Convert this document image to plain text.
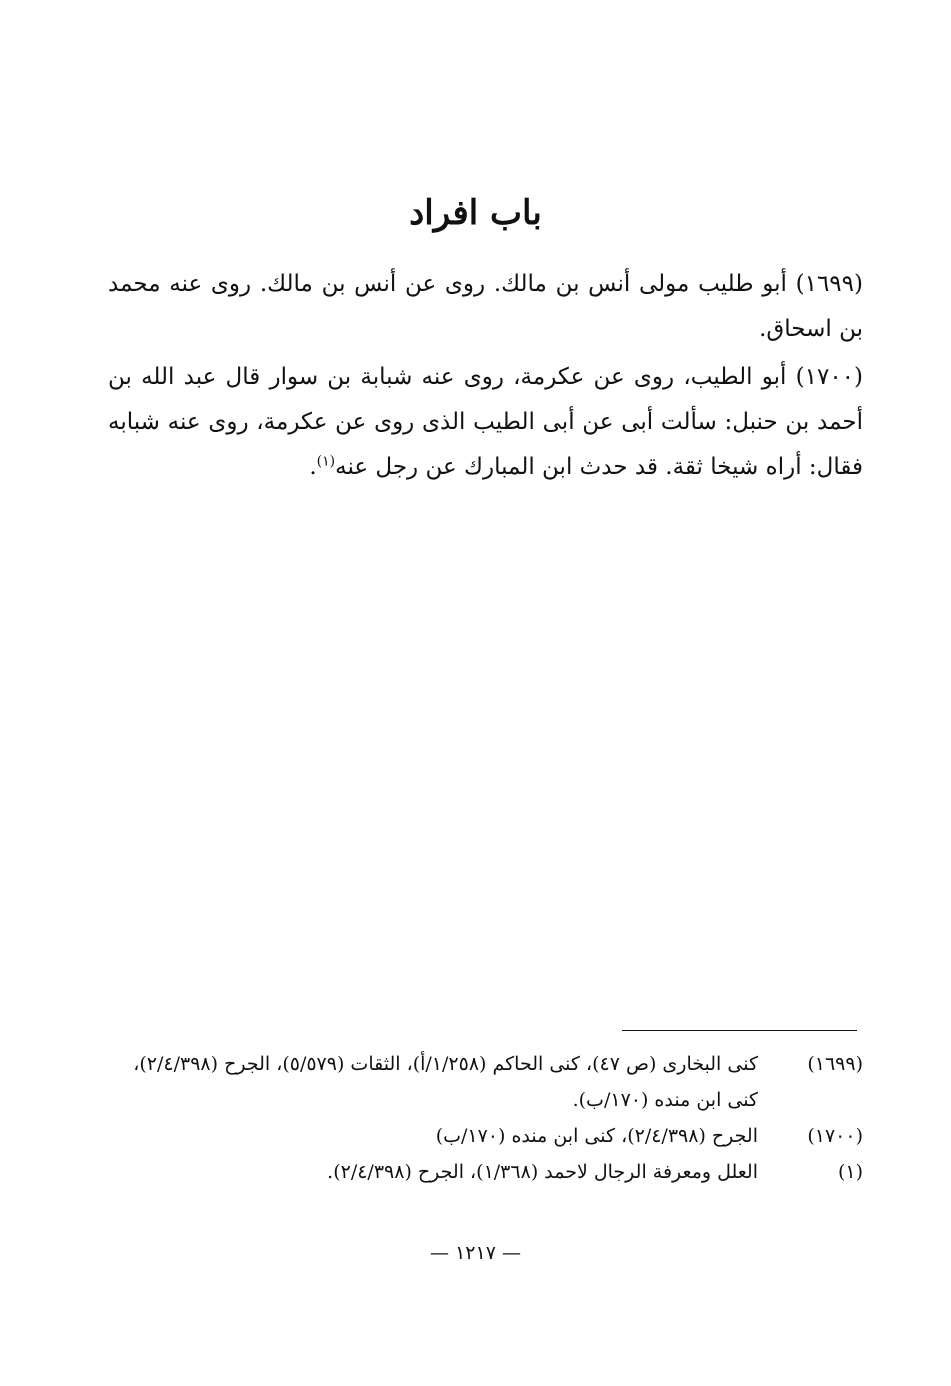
باب افراد

(١٦٩٩) أبو طليب مولى أنس بن مالك. روى عن أنس بن مالك. روى عنه محمد بن اسحاق.

(١٧٠٠) أبو الطيب، روى عن عكرمة، روى عنه شبابة بن سوار قال عبد الله بن أحمد بن حنبل: سألت أبى عن أبى الطيب الذى روى عن عكرمة، روى عنه شبابه فقال: أراه شيخا ثقة. قد حدث ابن المبارك عن رجل عنه$^{(١)}$.

(١٦٩٩)
كنى البخارى (ص ٤٧)، كنى الحاكم (١/٢٥٨/أ)، الثقات (٥/٥٧٩)، الجرح (٢/٤/٣٩٨)، كنى ابن منده (١٧٠/ب).
(١٧٠٠)
الجرح (٢/٤/٣٩٨)، كنى ابن منده (١٧٠/ب)
(١)
العلل ومعرفة الرجال لاحمد (١/٣٦٨)، الجرح (٢/٤/٣٩٨).
— ١٢١٧ —
